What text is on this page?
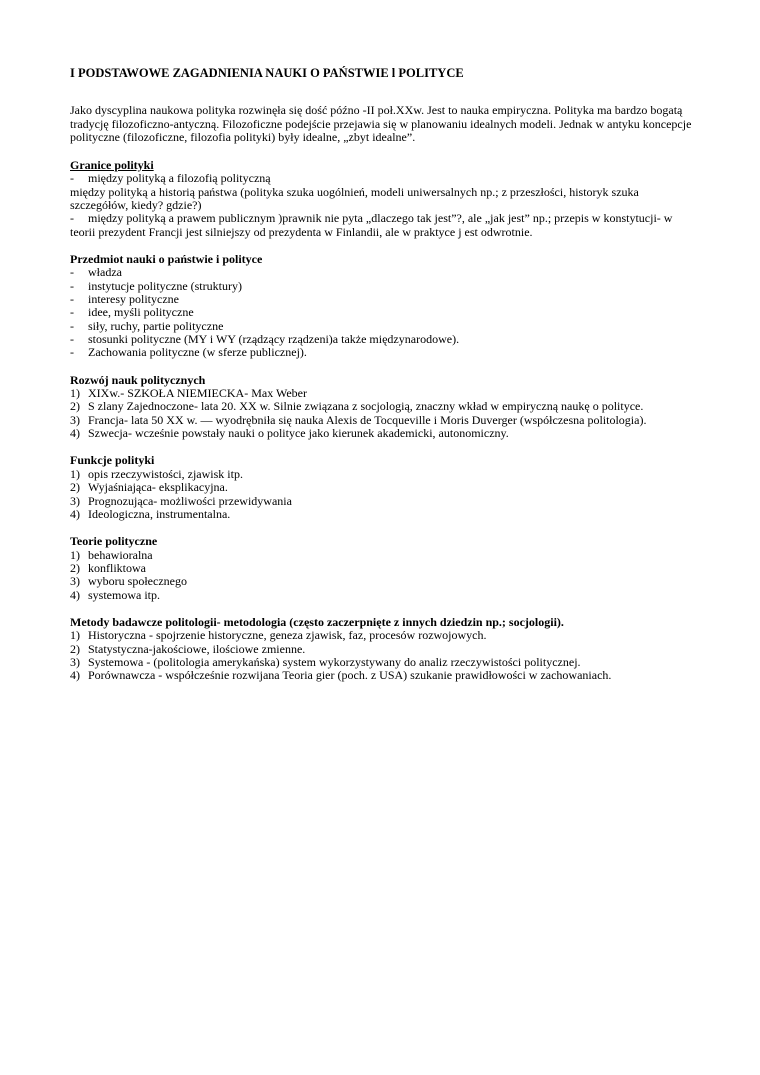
I PODSTAWOWE ZAGADNIENIA NAUKI O PAŃSTWIE l POLITYCE

Jako dyscyplina naukowa polityka rozwinęła się dość późno -II poł.XXw. Jest to nauka empiryczna. Polityka ma bardzo bogatą tradycję filozoficzno-antyczną. Filozoficzne podejście przejawia się w planowaniu idealnych modeli. Jednak w antyku koncepcje polityczne (filozoficzne, filozofia polityki) były idealne, „zbyt idealne”.

Granice polityki
- między polityką a filozofią polityczną
między polityką a historią państwa (polityka szuka uogólnień, modeli uniwersalnych np.; z przeszłości, historyk szuka szczegółów, kiedy? gdzie?)
- między polityką a prawem publicznym )prawnik nie pyta „dlaczego tak jest”?, ale „jak jest” np.; przepis w konstytucji- w teorii prezydent Francji jest silniejszy od prezydenta w Finlandii, ale w praktyce j est odwrotnie.
Przedmiot nauki o państwie i polityce
- władza
- instytucje polityczne (struktury)
- interesy polityczne
- idee, myśli polityczne
- siły, ruchy, partie polityczne
- stosunki polityczne (MY i WY (rządzący rządzeni)a także międzynarodowe).
- Zachowania polityczne (w sferze publicznej).
Rozwój nauk politycznych
1) XIXw.- SZKOŁA NIEMIECKA- Max Weber
2) S zlany Zajednoczone- lata 20. XX w. Silnie związana z socjologią, znaczny wkład w empiryczną naukę o polityce.
3) Francja- lata 50 XX w. — wyodrębniła się nauka Alexis de Tocqueville i Moris Duverger (współczesna politologia).
4) Szwecja- wcześnie powstały nauki o polityce jako kierunek akademicki, autonomiczny.
Funkcje polityki
1) opis rzeczywistości, zjawisk itp.
2) Wyjaśniająca- eksplikacyjna.
3) Prognozująca- możliwości przewidywania
4) Ideologiczna, instrumentalna.
Teorie polityczne
1) behawioralna
2) konfliktowa
3) wyboru społecznego
4) systemowa itp.
Metody badawcze politologii- metodologia (często zaczerpnięte z innych dziedzin np.; socjologii).
1) Historyczna - spojrzenie historyczne, geneza zjawisk, faz, procesów rozwojowych.
2) Statystyczna-jakościowe, ilościowe zmienne.
3) Systemowa - (politologia amerykańska) system wykorzystywany do analiz rzeczywistości politycznej.
4) Porównawcza - współcześnie rozwijana Teoria gier (poch. z USA) szukanie prawidłowości w zachowaniach.
